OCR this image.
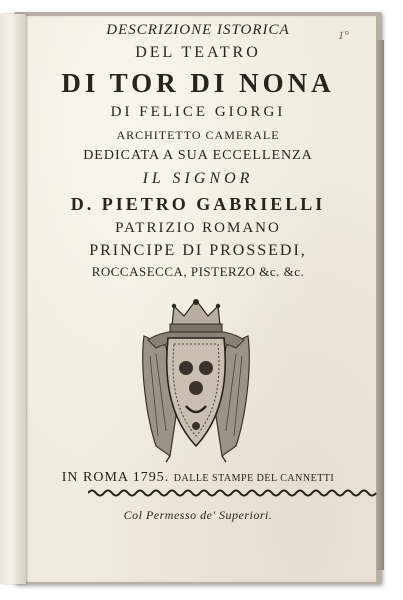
1°
DESCRIZIONE ISTORICA
DEL TEATRO
DI TOR DI NONA
DI FELICE GIORGI
ARCHITETTO CAMERALE
DEDICATA A SUA ECCELLENZA
IL SIGNOR
D. PIETRO GABRIELLI
PATRIZIO ROMANO
PRINCIPE DI PROSSEDI,
ROCCASECCA, PISTERZO &c. &c.
IN ROMA 1795. DALLE STAMPE DEL CANNETTI
Col Permesso de' Superiori.
